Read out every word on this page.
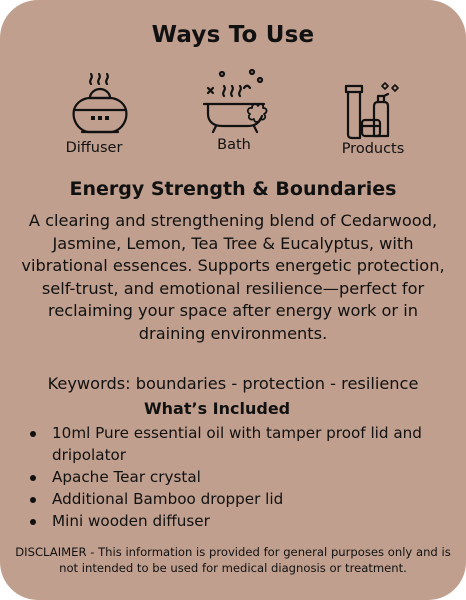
Ways To Use
Diffuser	Bath	Products
Energy Strength & Boundaries
A clearing and strengthening blend of Cedarwood, Jasmine, Lemon, Tea Tree & Eucalyptus, with vibrational essences. Supports energetic protection, self-trust, and emotional resilience—perfect for reclaiming your space after energy work or in draining environments.
Keywords: boundaries - protection - resilience
What’s Included
10ml Pure essential oil with tamper proof lid and dripolator
Apache Tear crystal
Additional Bamboo dropper lid
Mini wooden diffuser
DISCLAIMER - This information is provided for general purposes only and is not intended to be used for medical diagnosis or treatment.
